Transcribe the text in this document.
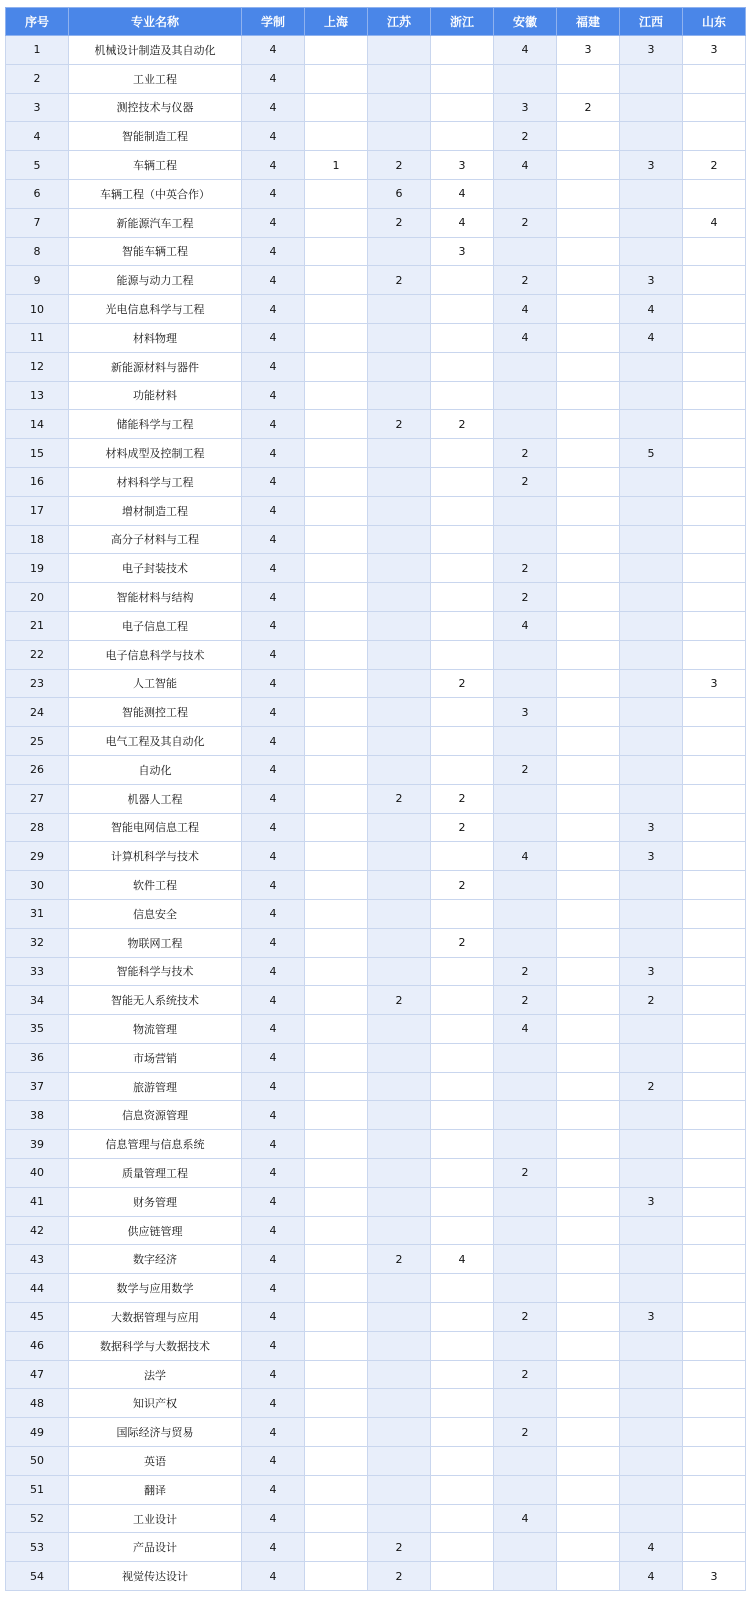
序号	专业名称	学制	上海	江苏	浙江	安徽	福建	江西	山东
1	机械设计制造及其自动化	4				4	3	3	3
2	工业工程	4							
3	测控技术与仪器	4				3	2		
4	智能制造工程	4				2			
5	车辆工程	4	1	2	3	4		3	2
6	车辆工程（中英合作）	4		6	4				
7	新能源汽车工程	4		2	4	2			4
8	智能车辆工程	4			3				
9	能源与动力工程	4		2		2		3	
10	光电信息科学与工程	4				4		4	
11	材料物理	4				4		4	
12	新能源材料与器件	4							
13	功能材料	4							
14	储能科学与工程	4		2	2				
15	材料成型及控制工程	4				2		5	
16	材料科学与工程	4				2			
17	增材制造工程	4							
18	高分子材料与工程	4							
19	电子封装技术	4				2			
20	智能材料与结构	4				2			
21	电子信息工程	4				4			
22	电子信息科学与技术	4							
23	人工智能	4			2				3
24	智能测控工程	4				3			
25	电气工程及其自动化	4							
26	自动化	4				2			
27	机器人工程	4		2	2				
28	智能电网信息工程	4			2			3	
29	计算机科学与技术	4				4		3	
30	软件工程	4			2				
31	信息安全	4							
32	物联网工程	4			2				
33	智能科学与技术	4				2		3	
34	智能无人系统技术	4		2		2		2	
35	物流管理	4				4			
36	市场营销	4							
37	旅游管理	4						2	
38	信息资源管理	4							
39	信息管理与信息系统	4							
40	质量管理工程	4				2			
41	财务管理	4						3	
42	供应链管理	4							
43	数字经济	4		2	4				
44	数学与应用数学	4							
45	大数据管理与应用	4				2		3	
46	数据科学与大数据技术	4							
47	法学	4				2			
48	知识产权	4							
49	国际经济与贸易	4				2			
50	英语	4							
51	翻译	4							
52	工业设计	4				4			
53	产品设计	4		2				4	
54	视觉传达设计	4		2				4	3
